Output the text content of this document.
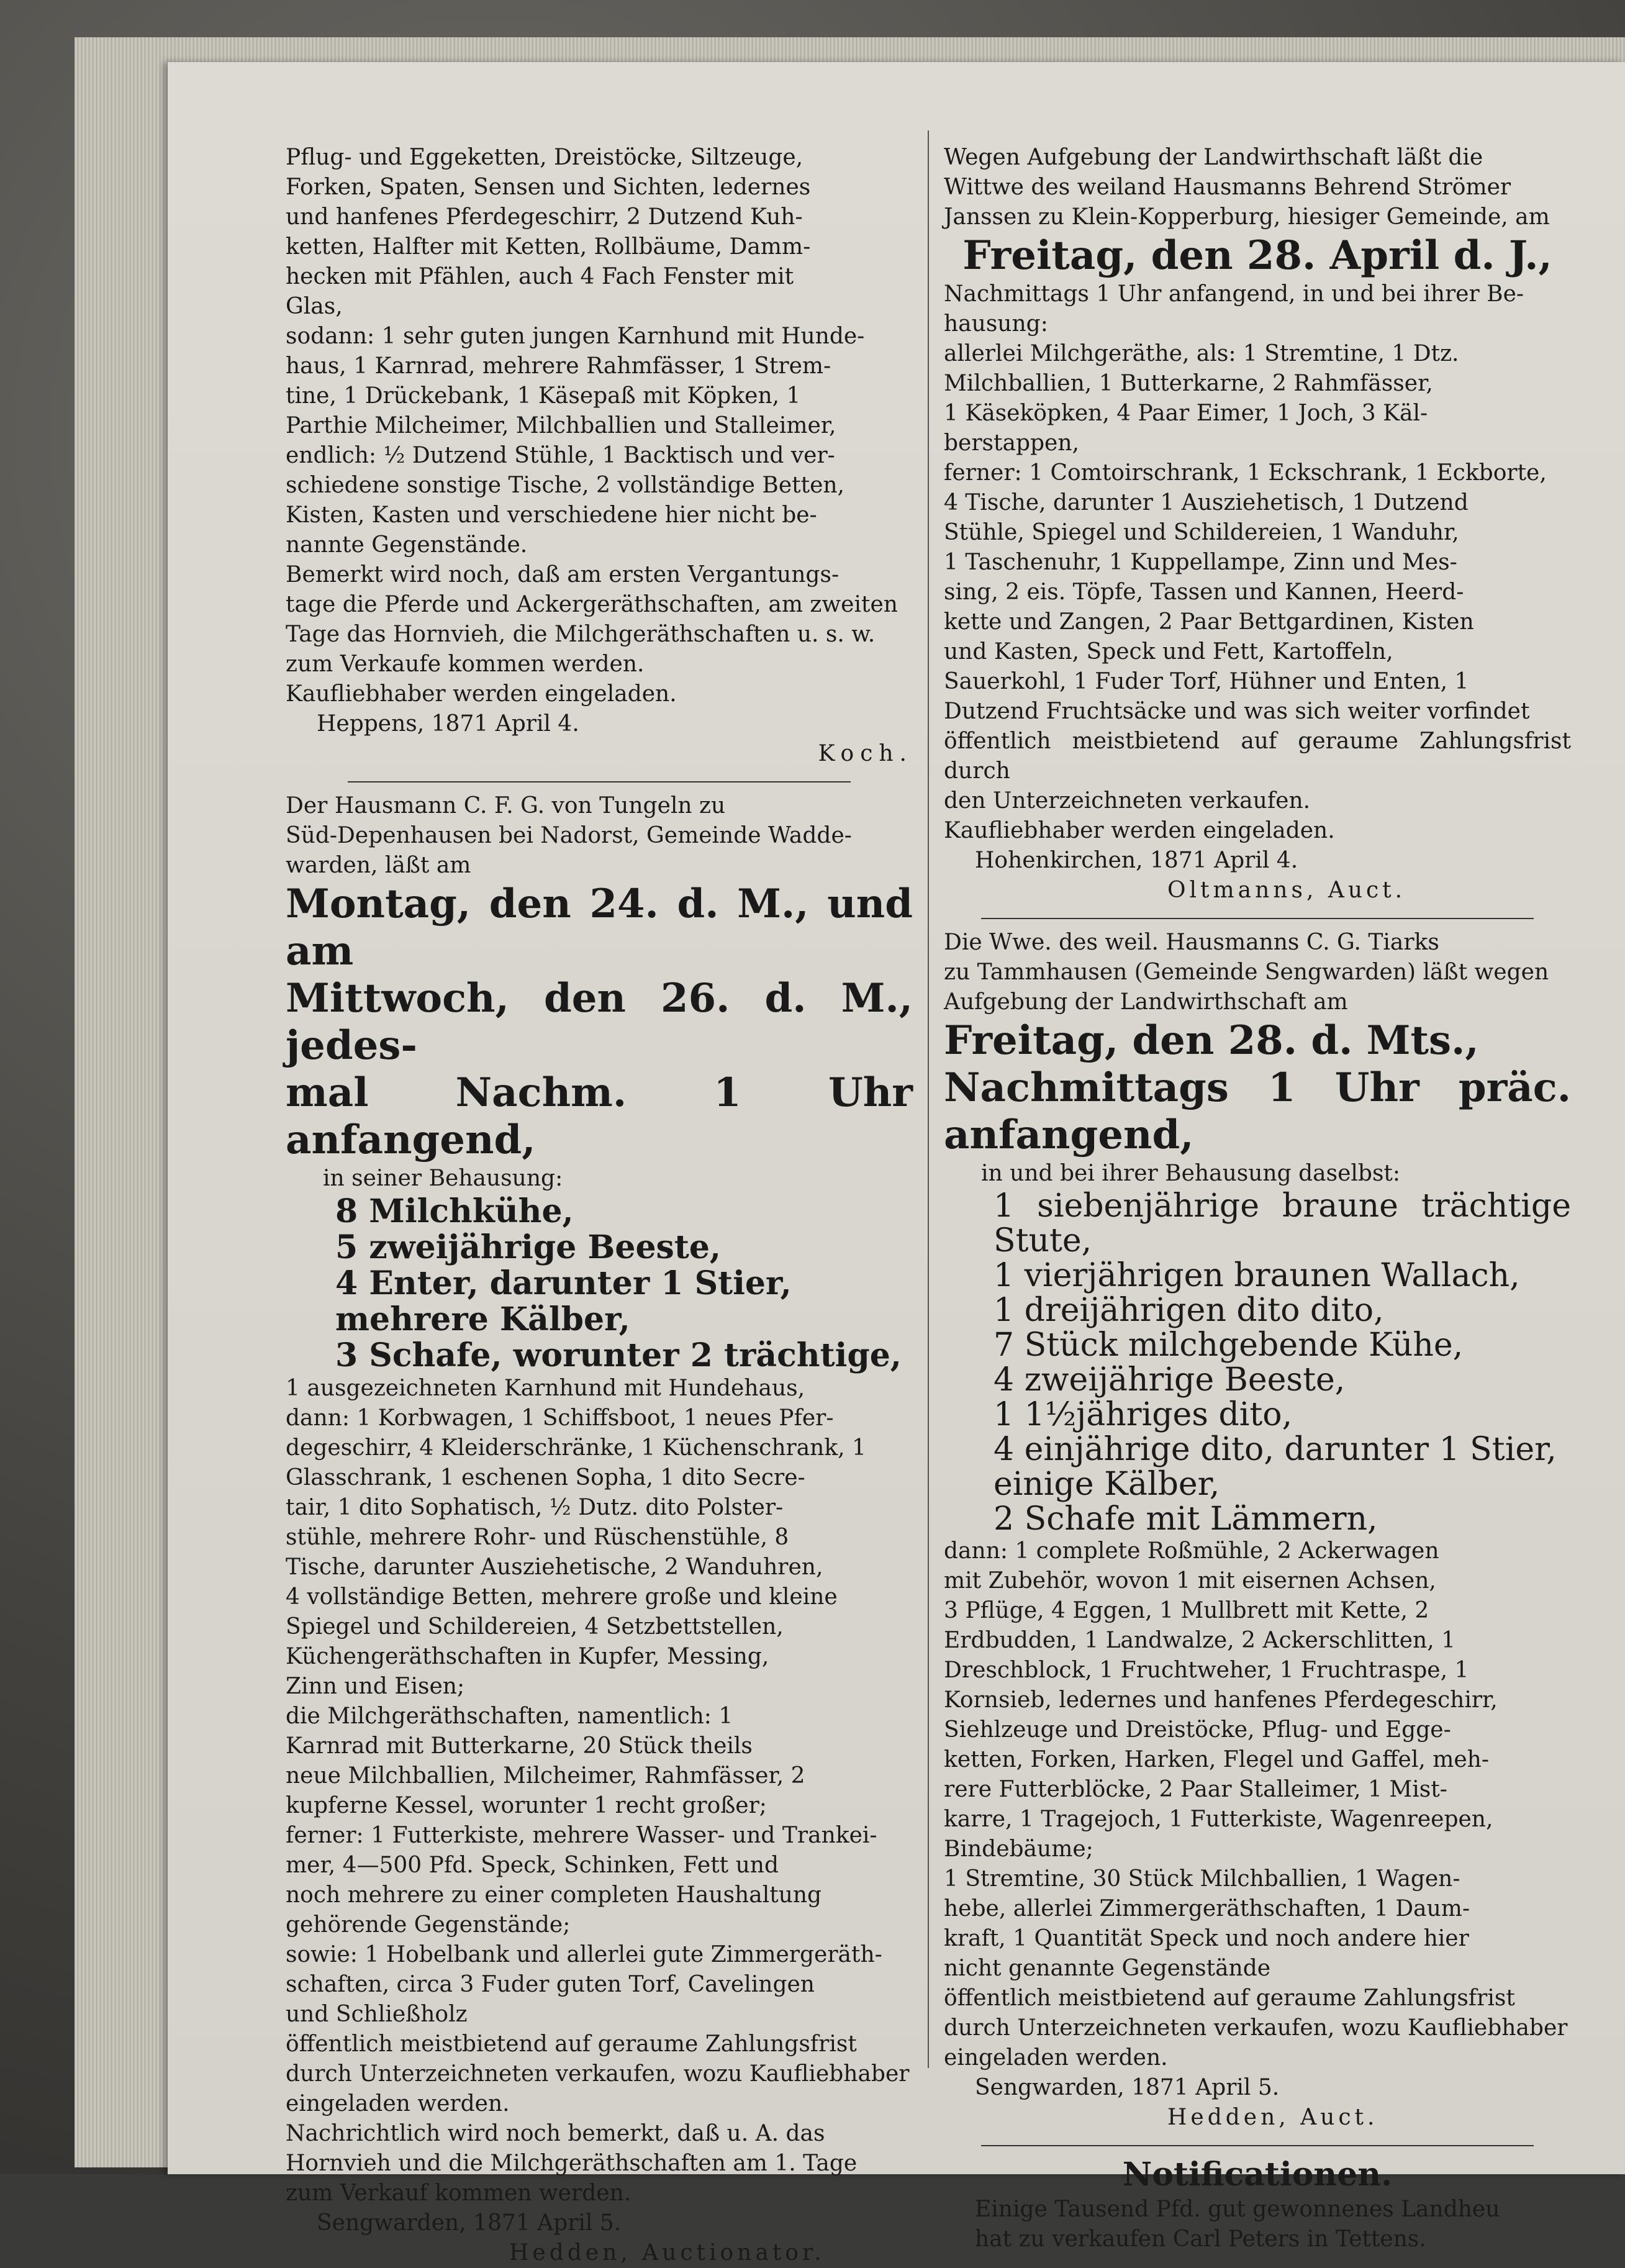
Pflug- und Eggeketten, Dreistöcke, Siltzeuge,

Forken, Spaten, Sensen und Sichten, ledernes

und hanfenes Pferdegeschirr, 2 Dutzend Kuh-

ketten, Halfter mit Ketten, Rollbäume, Damm-

hecken mit Pfählen, auch 4 Fach Fenster mit

Glas,

sodann: 1 sehr guten jungen Karnhund mit Hunde-

haus, 1 Karnrad, mehrere Rahmfässer, 1 Strem-

tine, 1 Drückebank, 1 Käsepaß mit Köpken, 1

Parthie Milcheimer, Milchballien und Stalleimer,

endlich: ½ Dutzend Stühle, 1 Backtisch und ver-

schiedene sonstige Tische, 2 vollständige Betten,

Kisten, Kasten und verschiedene hier nicht be-

nannte Gegenstände.

Bemerkt wird noch, daß am ersten Vergantungs-

tage die Pferde und Ackergeräthschaften, am zweiten

Tage das Hornvieh, die Milchgeräthschaften u. s. w.

zum Verkaufe kommen werden.

Kaufliebhaber werden eingeladen.

Heppens, 1871 April 4.

Koch.

Der Hausmann C. F. G. von Tungeln zu

Süd-Depenhausen bei Nadorst, Gemeinde Wadde-

warden, läßt am

Montag, den 24. d. M., und am

Mittwoch, den 26. d. M., jedes-

mal Nachm. 1 Uhr anfangend,

in seiner Behausung:

8 Milchkühe,

5 zweijährige Beeste,

4 Enter, darunter 1 Stier,

mehrere Kälber,

3 Schafe, worunter 2 trächtige,

1 ausgezeichneten Karnhund mit Hundehaus,

dann: 1 Korbwagen, 1 Schiffsboot, 1 neues Pfer-

degeschirr, 4 Kleiderschränke, 1 Küchenschrank, 1

Glasschrank, 1 eschenen Sopha, 1 dito Secre-

tair, 1 dito Sophatisch, ½ Dutz. dito Polster-

stühle, mehrere Rohr- und Rüschenstühle, 8

Tische, darunter Ausziehetische, 2 Wanduhren,

4 vollständige Betten, mehrere große und kleine

Spiegel und Schildereien, 4 Setzbettstellen,

Küchengeräthschaften in Kupfer, Messing,

Zinn und Eisen;

die Milchgeräthschaften, namentlich: 1

Karnrad mit Butterkarne, 20 Stück theils

neue Milchballien, Milcheimer, Rahmfässer, 2

kupferne Kessel, worunter 1 recht großer;

ferner: 1 Futterkiste, mehrere Wasser- und Trankei-

mer, 4—500 Pfd. Speck, Schinken, Fett und

noch mehrere zu einer completen Haushaltung

gehörende Gegenstände;

sowie: 1 Hobelbank und allerlei gute Zimmergeräth-

schaften, circa 3 Fuder guten Torf, Cavelingen

und Schließholz

öffentlich meistbietend auf geraume Zahlungsfrist

durch Unterzeichneten verkaufen, wozu Kaufliebhaber

eingeladen werden.

Nachrichtlich wird noch bemerkt, daß u. A. das

Hornvieh und die Milchgeräthschaften am 1. Tage

zum Verkauf kommen werden.

Sengwarden, 1871 April 5.

Hedden, Auctionator.

Wegen Aufgebung der Landwirthschaft läßt die

Wittwe des weiland Hausmanns Behrend Strömer

Janssen zu Klein-Kopperburg, hiesiger Gemeinde, am

Freitag, den 28. April d. J.,

Nachmittags 1 Uhr anfangend, in und bei ihrer Be-

hausung:

allerlei Milchgeräthe, als: 1 Stremtine, 1 Dtz.

Milchballien, 1 Butterkarne, 2 Rahmfässer,

1 Käseköpken, 4 Paar Eimer, 1 Joch, 3 Käl-

berstappen,

ferner: 1 Comtoirschrank, 1 Eckschrank, 1 Eckborte,

4 Tische, darunter 1 Ausziehetisch, 1 Dutzend

Stühle, Spiegel und Schildereien, 1 Wanduhr,

1 Taschenuhr, 1 Kuppellampe, Zinn und Mes-

sing, 2 eis. Töpfe, Tassen und Kannen, Heerd-

kette und Zangen, 2 Paar Bettgardinen, Kisten

und Kasten, Speck und Fett, Kartoffeln,

Sauerkohl, 1 Fuder Torf, Hühner und Enten, 1

Dutzend Fruchtsäcke und was sich weiter vorfindet

öffentlich meistbietend auf geraume Zahlungsfrist durch

den Unterzeichneten verkaufen.

Kaufliebhaber werden eingeladen.

Hohenkirchen, 1871 April 4.

Oltmanns, Auct.

Die Wwe. des weil. Hausmanns C. G. Tiarks

zu Tammhausen (Gemeinde Sengwarden) läßt wegen

Aufgebung der Landwirthschaft am

Freitag, den 28. d. Mts.,

Nachmittags 1 Uhr präc. anfangend,

in und bei ihrer Behausung daselbst:

1 siebenjährige braune trächtige Stute,

1 vierjährigen braunen Wallach,

1 dreijährigen dito dito,

7 Stück milchgebende Kühe,

4 zweijährige Beeste,

1 1½jähriges dito,

4 einjährige dito, darunter 1 Stier,

einige Kälber,

2 Schafe mit Lämmern,

dann: 1 complete Roßmühle, 2 Ackerwagen

mit Zubehör, wovon 1 mit eisernen Achsen,

3 Pflüge, 4 Eggen, 1 Mullbrett mit Kette, 2

Erdbudden, 1 Landwalze, 2 Ackerschlitten, 1

Dreschblock, 1 Fruchtweher, 1 Fruchtraspe, 1

Kornsieb, ledernes und hanfenes Pferdegeschirr,

Siehlzeuge und Dreistöcke, Pflug- und Egge-

ketten, Forken, Harken, Flegel und Gaffel, meh-

rere Futterblöcke, 2 Paar Stalleimer, 1 Mist-

karre, 1 Tragejoch, 1 Futterkiste, Wagenreepen,

Bindebäume;

1 Stremtine, 30 Stück Milchballien, 1 Wagen-

hebe, allerlei Zimmergeräthschaften, 1 Daum-

kraft, 1 Quantität Speck und noch andere hier

nicht genannte Gegenstände

öffentlich meistbietend auf geraume Zahlungsfrist

durch Unterzeichneten verkaufen, wozu Kaufliebhaber

eingeladen werden.

Sengwarden, 1871 April 5.

Hedden, Auct.

Notificationen.

Einige Tausend Pfd. gut gewonnenes Landheu

hat zu verkaufen Carl Peters in Tettens.
